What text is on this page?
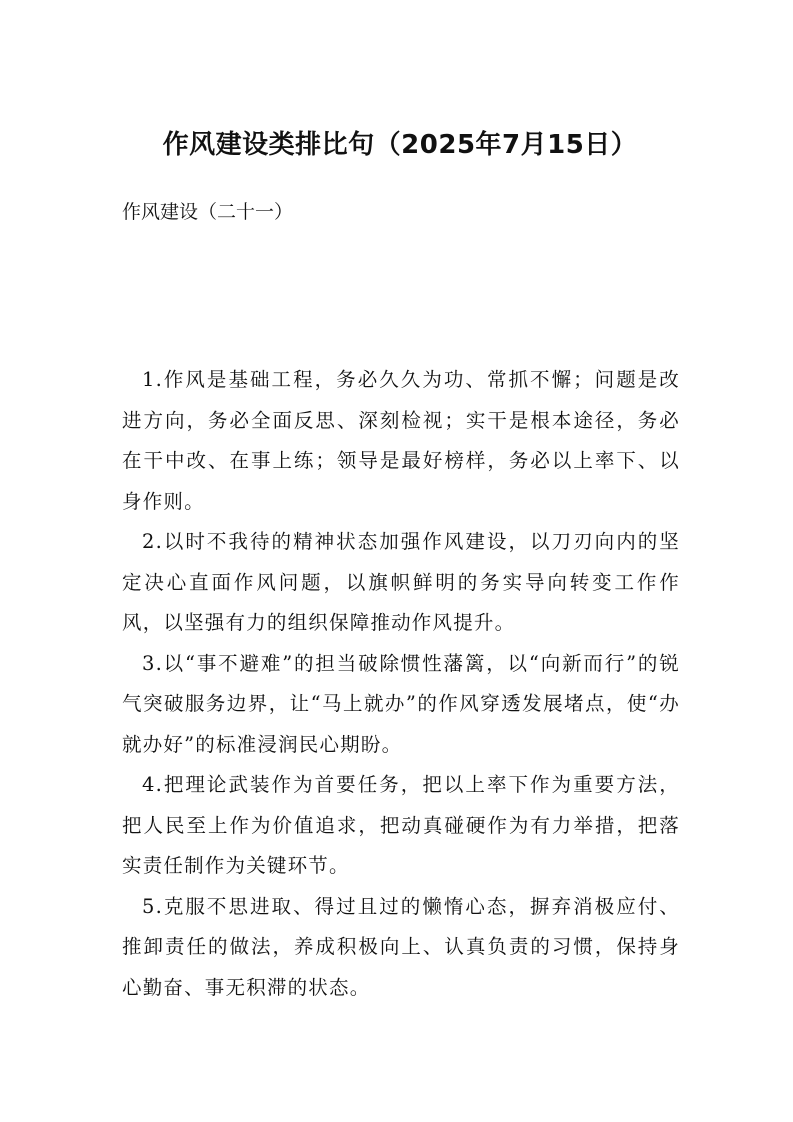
作风建设类排比句（2025年7月15日）
作风建设（二十一）

1.作风是基础工程，务必久久为功、常抓不懈；问题是改进方向，务必全面反思、深刻检视；实干是根本途径，务必在干中改、在事上练；领导是最好榜样，务必以上率下、以身作则。

2.以时不我待的精神状态加强作风建设，以刀刃向内的坚定决心直面作风问题，以旗帜鲜明的务实导向转变工作作风，以坚强有力的组织保障推动作风提升。

3.以“事不避难”的担当破除惯性藩篱，以“向新而行”的锐气突破服务边界，让“马上就办”的作风穿透发展堵点，使“办就办好”的标准浸润民心期盼。

4.把理论武装作为首要任务，把以上率下作为重要方法，把人民至上作为价值追求，把动真碰硬作为有力举措，把落实责任制作为关键环节。

5.克服不思进取、得过且过的懒惰心态，摒弃消极应付、推卸责任的做法，养成积极向上、认真负责的习惯，保持身心勤奋、事无积滞的状态。
